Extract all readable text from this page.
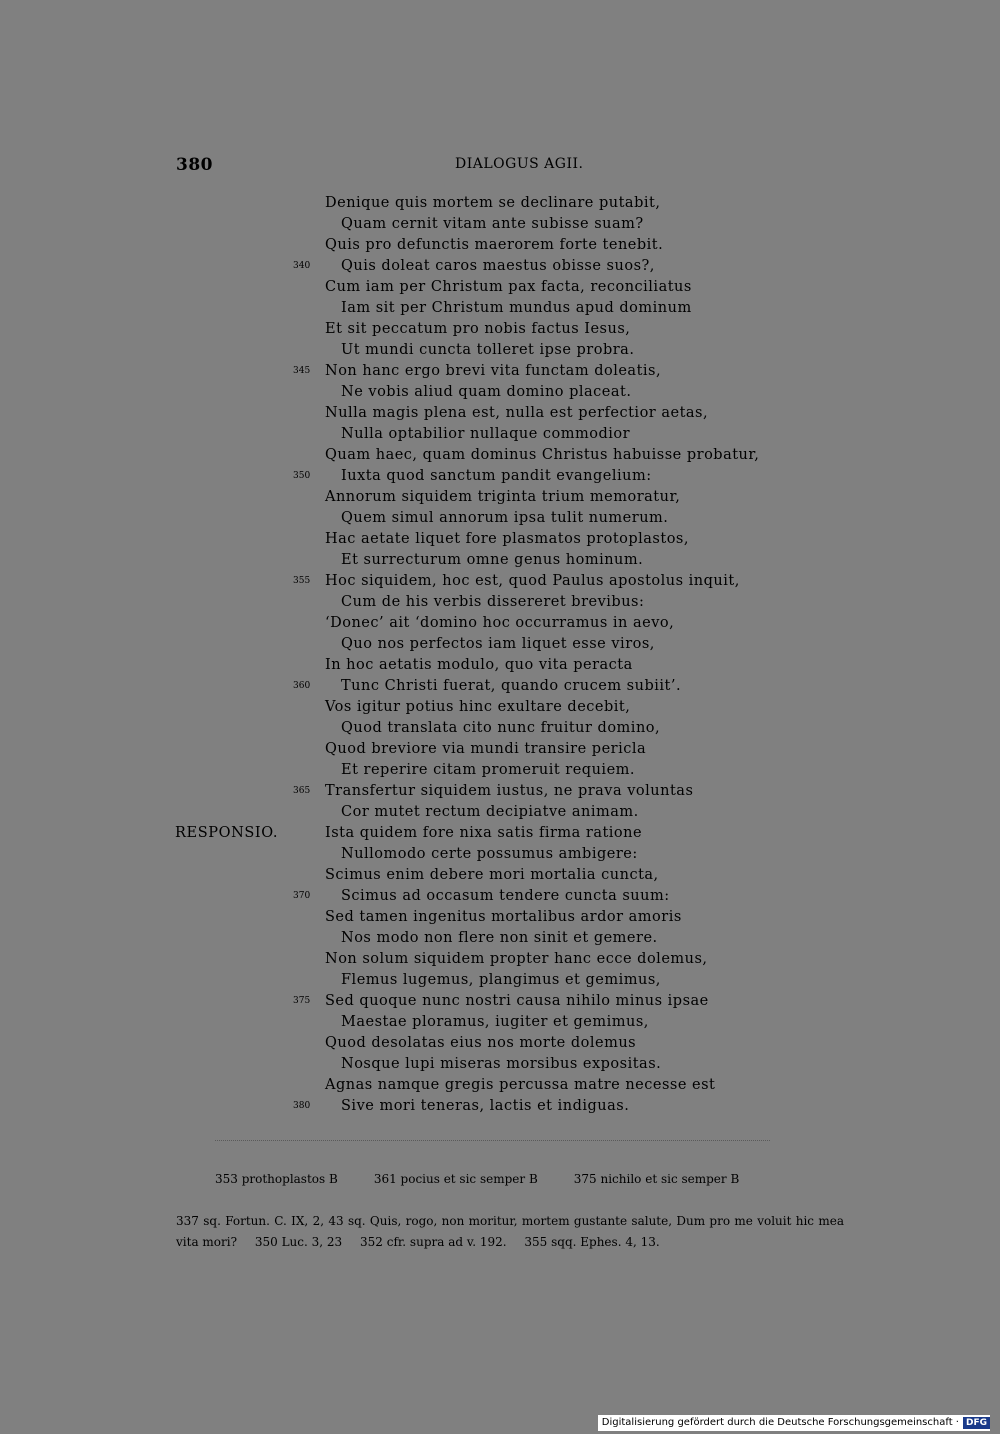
380	DIALOGUS AGII.
Denique quis mortem se declinare putabit,
Quam cernit vitam ante subisse suam?
Quis pro defunctis maerorem forte tenebit.
340 Quis doleat caros maestus obisse suos?,
Cum iam per Christum pax facta, reconciliatus
Iam sit per Christum mundus apud dominum
Et sit peccatum pro nobis factus Iesus,
Ut mundi cuncta tolleret ipse probra.
345 Non hanc ergo brevi vita functam doleatis,
Ne vobis aliud quam domino placeat.
Nulla magis plena est, nulla est perfectior aetas,
Nulla optabilior nullaque commodior
Quam haec, quam dominus Christus habuisse probatur,
350 Iuxta quod sanctum pandit evangelium:
Annorum siquidem triginta trium memoratur,
Quem simul annorum ipsa tulit numerum.
Hac aetate liquet fore plasmatos protoplastos,
Et surrecturum omne genus hominum.
355 Hoc siquidem, hoc est, quod Paulus apostolus inquit,
Cum de his verbis dissereret brevibus:
‘Donec’ ait ‘domino hoc occurramus in aevo,
Quo nos perfectos iam liquet esse viros,
In hoc aetatis modulo, quo vita peracta
360 Tunc Christi fuerat, quando crucem subiit’.
Vos igitur potius hinc exultare decebit,
Quod translata cito nunc fruitur domino,
Quod breviore via mundi transire pericla
Et reperire citam promeruit requiem.
365 Transfertur siquidem iustus, ne prava voluntas
Cor mutet rectum decipiatve animam.
RESPONSIO.	Ista quidem fore nixa satis firma ratione
Nullomodo certe possumus ambigere:
Scimus enim debere mori mortalia cuncta,
370 Scimus ad occasum tendere cuncta suum:
Sed tamen ingenitus mortalibus ardor amoris
Nos modo non flere non sinit et gemere.
Non solum siquidem propter hanc ecce dolemus,
Flemus lugemus, plangimus et gemimus,
375 Sed quoque nunc nostri causa nihilo minus ipsae
Maestae ploramus, iugiter et gemimus,
Quod desolatas eius nos morte dolemus
Nosque lupi miseras morsibus expositas.
Agnas namque gregis percussa matre necesse est
380 Sive mori teneras, lactis et indiguas.
353 prothoplastos B	361 pocius et sic semper B	375 nichilo et sic semper B
337 sq. Fortun. C. IX, 2, 43 sq. Quis, rogo, non moritur, mortem gustante salute, Dum pro me voluit hic mea vita mori? 350 Luc. 3, 23 352 cfr. supra ad v. 192. 355 sqq. Ephes. 4, 13.
Digitalisierung gefördert durch die Deutsche Forschungsgemeinschaft · DFG
